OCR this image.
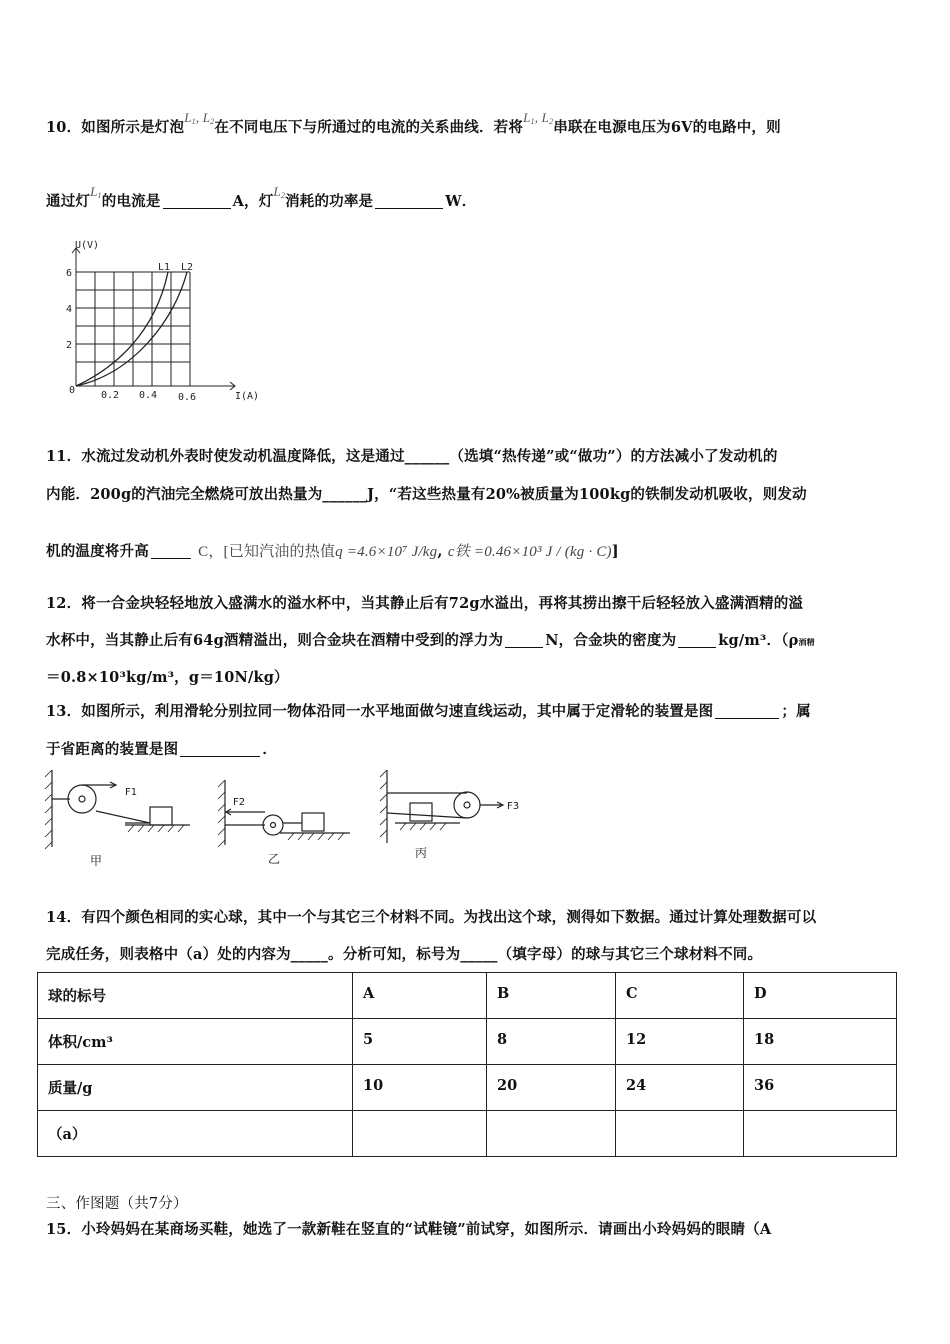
10．如图所示是灯泡$L_1$, $L_2$在不同电压下与所通过的电流的关系曲线．若将$L_1$, $L_2$串联在电源电压为6V的电路中，则
通过灯$L_1$的电流是	A，灯$L_2$消耗的功率是	W．
U(V)
I(A)
0
6
4
2
0.2 0.4 0.6
L1 L2
11．水流过发动机外表时使发动机温度降低，这是通过______（选填“热传递”或“做功”）的方法减小了发动机的
内能．200g的汽油完全燃烧可放出热量为______J，“若这些热量有20%被质量为100kg的铁制发动机吸收，则发动
机的温度将升高	C，[已知汽油的热值q =4.6×10⁷ J/kg, c铁 =0.46×10³ J / (kg · C)]
12．将一合金块轻轻地放入盛满水的溢水杯中，当其静止后有72g水溢出，再将其捞出擦干后轻轻放入盛满酒精的溢
水杯中，当其静止后有64g酒精溢出，则合金块在酒精中受到的浮力为	N，合金块的密度为	kg/m³．（ρ酒精
＝0.8×10³kg/m³，g＝10N/kg）
13．如图所示，利用滑轮分别拉同一物体沿同一水平地面做匀速直线运动，其中属于定滑轮的装置是图	；属
于省距离的装置是图	．
F1
F2	F3
甲	乙	丙
14．有四个颜色相同的实心球，其中一个与其它三个材料不同。为找出这个球，测得如下数据。通过计算处理数据可以
完成任务，则表格中（a）处的内容为_____。分析可知，标号为_____（填字母）的球与其它三个球材料不同。
球的标号	A	B	C	D
体积/cm³	5	8	12	18
质量/g	10	20	24	36
（a）				
三、作图题（共7分）
15．小玲妈妈在某商场买鞋，她选了一款新鞋在竖直的“试鞋镜”前试穿，如图所示．请画出小玲妈妈的眼睛（A
